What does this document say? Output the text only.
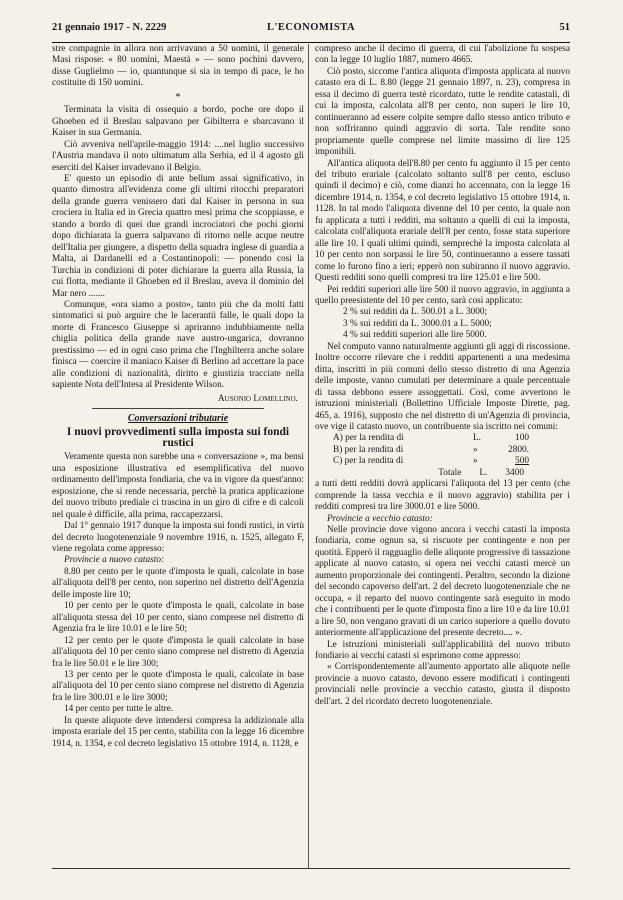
21 gennaio 1917 - N. 2229	L'ECONOMISTA	51

stre compagnie in allora non arrivavano a 50 uomini, il generale Masi rispose: « 80 uomini, Maestà » — sono pochini davvero, disse Guglielmo — io, quantunque si sia in tempo di pace, le ho costituite di 150 uomini.

*

Terminata la visita di ossequio a bordo, poche ore dopo il Ghoeben ed il Breslau salpavano per Gibilterra e sbarcavano il Kaiser in sua Germania.

Ciò avveniva nell'aprile-maggio 1914: ....nel luglio successivo l'Austria mandava il noto ultimatum alla Serbia, ed il 4 agosto gli eserciti del Kaiser invadevano il Belgio.

E' questo un episodio di ante bellum assai significativo, in quanto dimostra all'evidenza come gli ultimi ritocchi preparatori della grande guerra venissero dati dal Kaiser in persona in sua crociera in Italia ed in Grecia quattro mesi prima che scoppiasse, e stando a bordo di quei due grandi incrociatori che pochi giorni dopo dichiarata la guerra salpavano di ritorno nelle acque neutre dell'Italia per giungere, a dispetto della squadra inglese di guardia a Malta, ai Dardanelli ed a Costantinopoli: — ponendo così la Turchia in condizioni di poter dichiarare la guerra alla Russia, la cui flotta, mediante il Ghoeben ed il Breslau, aveva il dominio del Mar nero .......

Comunque, «ora siamo a posto», tanto più che da molti fatti sintomatici si può arguire che le lacerantii falle, le quali dopo la morte di Francesco Giuseppe si apriranno indubbiamente nella chiglia politica della grande nave austro-ungarica, dovranno prestissimo — ed in ogni caso prima che l'Inghilterra anche solare finisca — coercire il maniaco Kaiser di Berlino ad accettare la pace alle condizioni di nazionalità, diritto e giustizia tracciate nella sapiente Nota dell'Intesa al Presidente Wilson.

Ausonio Lomellino.
Conversazioni tributarie
I nuovi provvedimenti sulla imposta sui fondi rustici

Veramente questa non sarebbe una « conversazione », ma bensì una esposizione illustrativa ed esemplificativa del nuovo ordinamento dell'imposta fondiaria, che va in vigore da quest'anno: esposizione, che si rende necessaria, perchè la pratica applicazione del nuovo tributo prediale ci trascina in un giro di cifre e di calcoli nel quale è difficile, alla prima, raccapezzarsi.

Dal 1° gennaio 1917 dunque la imposta sui fondi rustici, in virtù del decreto luogotenenziale 9 novembre 1916, n. 1525, allegato F, viene regolata come appresso:

Provincie a nuovo catasto:

8.80 per cento per le quote d'imposta le quali, calcolate in base all'aliquota dell'8 per cento, non superino nel distretto dell'Agenzia delle imposte lire 10;

10 per cento per le quote d'imposta le quali, calcolate in base all'aliquota stessa del 10 per cento, siano comprese nel distretto di Agenzia fra le lire 10.01 e le lire 50;

12 per cento per le quote d'imposta le quali calcolate in base all'aliquota del 10 per cento siano comprese nel distretto di Agenzia fra le lire 50.01 e le lire 300;

13 per cento per le quote d'imposta le quali, calcolate in base all'aliquota del 10 per cento siano comprese nel distretto di Agenzia fra le lire 300.01 e le lire 3000;

14 per cento per tutte le altre.

In queste aliquote deve intendersi compresa la addizionale alla imposta erariale del 15 per cento, stabilita con la legge 16 dicembre 1914, n. 1354, e col decreto legislativo 15 ottobre 1914, n. 1128, e

compreso anche il decimo di guerra, di cui l'abolizione fu sospesa con la legge 10 luglio 1887, numero 4665.

Ciò posto, siccome l'antica aliquota d'imposta applicata al nuovo catasto era di L. 8.80 (legge 21 gennaio 1897, n. 23), compresa in essa il decimo di guerra testè ricordato, tutte le rendite catastali, di cui la imposta, calcolata all'8 per cento, non superi le lire 10, continueranno ad essere colpite sempre dallo stesso antico tributo e non soffriranno quindi aggravio di sorta. Tale rendite sono propriamente quelle comprese nel limite massimo di lire 125 imponibili.

All'antica aliquota dell'8.80 per cento fu aggiunto il 15 per cento del tributo erariale (calcolato soltanto sull'8 per cento, escluso quindi il decimo) e ciò, come dianzi ho accennato, con la legge 16 dicembre 1914, n. 1354, e col decreto legislativo 15 ottobre 1914, n. 1128. In tal modo l'aliquota divenne del 10 per cento, la quale non fu applicata a tutti i redditi, ma soltanto a quelli di cui la imposta, calcolata coll'aliquota erariale dell'8 per cento, fosse stata superiore alle lire 10. I quali ultimi quindi, semprechè la imposta calcolata al 10 per cento non sorpassi le lire 50, continueranno a essere tassati come lo furono fino a ieri; epperò non subiranno il nuovo aggravio. Questi redditi sono quelli compresi tra lire 125.01 e lire 500.

Pei redditi superiori alle lire 500 il nuovo aggravio, in aggiunta a quello preesistente del 10 per cento, sarà così applicato:

2 % sui redditi da L. 500.01 a L. 3000;
3 % sui redditi da L. 3000.01 a L. 5000;
4 % sui redditi superiori alle lire 5000.

Nel computo vanno naturalmente aggiunti gli aggi di riscossione. Inoltre occorre rilevare che i redditi appartenenti a una medesima ditta, inscritti in più comuni dello stesso distretto di una Agenzia delle imposte, vanno cumulati per determinare a quale percentuale di tassa debbono essere assoggettati. Così, come avvertono le istruzioni ministeriali (Bollettino Ufficiale Imposte Dirette, pag. 465, a. 1916), supposto che nel distretto di un'Agenzia di provincia, ove vige il catasto nuovo, un contribuente sia iscritto nei comuni:

A) per la rendita di	L.	100
B) per la rendita di	»	2800.
C) per la rendita di	»	500
Totale L. 3400

a tutti detti redditi dovrà applicarsi l'aliquota del 13 per cento (che comprende la tassa vecchia e il nuovo aggravio) stabilita per i redditi compresi tra lire 3000.01 e lire 5000.

Provincie a vecchio catasto:

Nelle provincie dove vigono ancora i vecchi catasti la imposta fondiaria, come ognun sa, si riscuote per contingente e non per quotità. Epperò il ragguaglio delle aliquote progressive di tassazione applicate al nuovo catasto, si opera nei vecchi catasti mercè un aumento proporzionale dei contingenti. Peraltro, secondo la dizione del secondo capoverso dell'art. 2 del decreto luogotenenziale che ne occupa, « il reparto del nuovo contingente sarà eseguito in modo che i contribuenti per le quote d'imposta fino a lire 10 e da lire 10.01 a lire 50, non vengano gravati di un carico superiore a quello dovuto anteriormente all'applicazione del presente decreto.... ».

Le istruzioni ministeriali sull'applicabilità del nuovo tributo fondiario ai vecchi catasti si esprimono come appresso:

« Corrispondentemente all'aumento apportato alle aliquote nelle provincie a nuovo catasto, devono essere modificati i contingenti provinciali nelle provincie a vecchio catasto, giusta il disposto dell'art. 2 del ricordato decreto luogotenenziale.
